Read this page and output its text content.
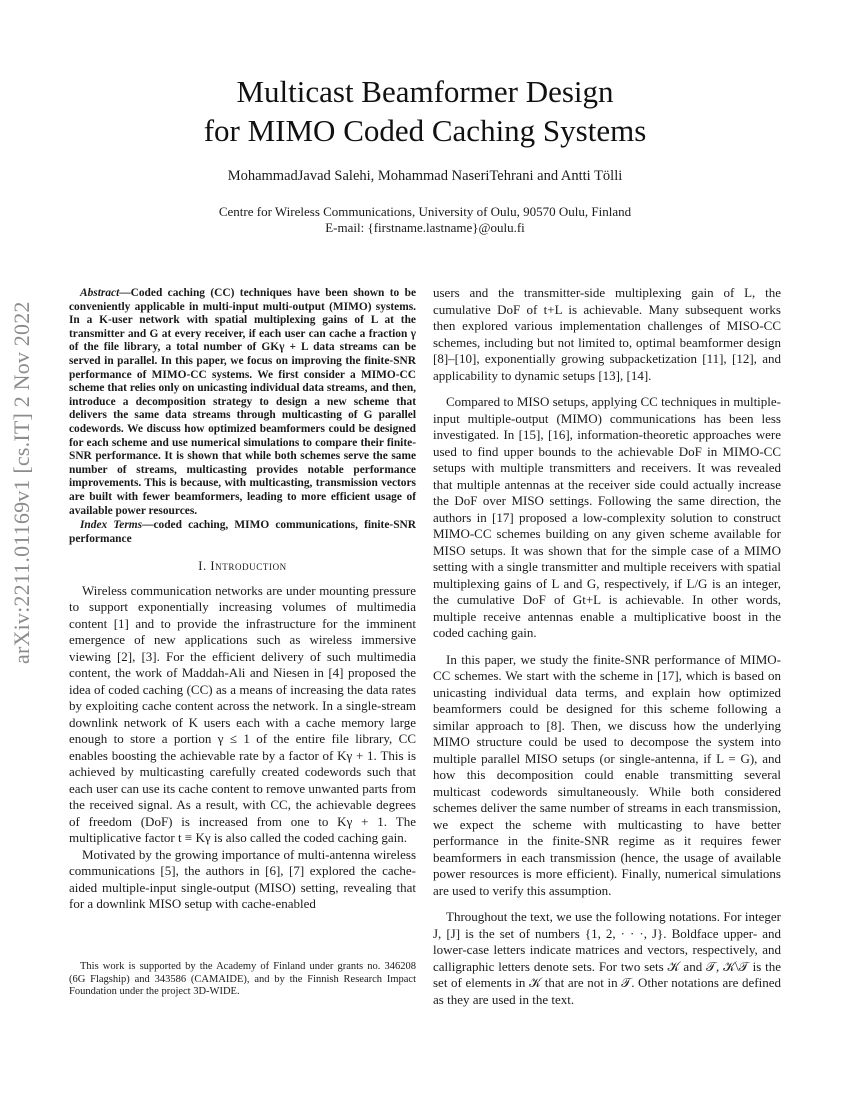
arXiv:2211.01169v1 [cs.IT] 2 Nov 2022
Multicast Beamformer Design
for MIMO Coded Caching Systems
MohammadJavad Salehi, Mohammad NaseriTehrani and Antti Tölli
Centre for Wireless Communications, University of Oulu, 90570 Oulu, Finland
E-mail: {firstname.lastname}@oulu.fi

Abstract—Coded caching (CC) techniques have been shown to be conveniently applicable in multi-input multi-output (MIMO) systems. In a K-user network with spatial multiplexing gains of L at the transmitter and G at every receiver, if each user can cache a fraction γ of the file library, a total number of GKγ + L data streams can be served in parallel. In this paper, we focus on improving the finite-SNR performance of MIMO-CC systems. We first consider a MIMO-CC scheme that relies only on unicasting individual data streams, and then, introduce a decomposition strategy to design a new scheme that delivers the same data streams through multicasting of G parallel codewords. We discuss how optimized beamformers could be designed for each scheme and use numerical simulations to compare their finite-SNR performance. It is shown that while both schemes serve the same number of streams, multicasting provides notable performance improvements. This is because, with multicasting, transmission vectors are built with fewer beamformers, leading to more efficient usage of available power resources.

Index Terms—coded caching, MIMO communications, finite-SNR performance

I. Introduction

Wireless communication networks are under mounting pressure to support exponentially increasing volumes of multimedia content [1] and to provide the infrastructure for the imminent emergence of new applications such as wireless immersive viewing [2], [3]. For the efficient delivery of such multimedia content, the work of Maddah-Ali and Niesen in [4] proposed the idea of coded caching (CC) as a means of increasing the data rates by exploiting cache content across the network. In a single-stream downlink network of K users each with a cache memory large enough to store a portion γ ≤ 1 of the entire file library, CC enables boosting the achievable rate by a factor of Kγ + 1. This is achieved by multicasting carefully created codewords such that each user can use its cache content to remove unwanted parts from the received signal. As a result, with CC, the achievable degrees of freedom (DoF) is increased from one to Kγ + 1. The multiplicative factor t ≡ Kγ is also called the coded caching gain.

Motivated by the growing importance of multi-antenna wireless communications [5], the authors in [6], [7] explored the cache-aided multiple-input single-output (MISO) setting, revealing that for a downlink MISO setup with cache-enabled

This work is supported by the Academy of Finland under grants no. 346208 (6G Flagship) and 343586 (CAMAIDE), and by the Finnish Research Impact Foundation under the project 3D-WIDE.

users and the transmitter-side multiplexing gain of L, the cumulative DoF of t+L is achievable. Many subsequent works then explored various implementation challenges of MISO-CC schemes, including but not limited to, optimal beamformer design [8]–[10], exponentially growing subpacketization [11], [12], and applicability to dynamic setups [13], [14].

Compared to MISO setups, applying CC techniques in multiple-input multiple-output (MIMO) communications has been less investigated. In [15], [16], information-theoretic approaches were used to find upper bounds to the achievable DoF in MIMO-CC setups with multiple transmitters and receivers. It was revealed that multiple antennas at the receiver side could actually increase the DoF over MISO settings. Following the same direction, the authors in [17] proposed a low-complexity solution to construct MIMO-CC schemes building on any given scheme available for MISO setups. It was shown that for the simple case of a MIMO setting with a single transmitter and multiple receivers with spatial multiplexing gains of L and G, respectively, if L/G is an integer, the cumulative DoF of Gt+L is achievable. In other words, multiple receive antennas enable a multiplicative boost in the coded caching gain.

In this paper, we study the finite-SNR performance of MIMO-CC schemes. We start with the scheme in [17], which is based on unicasting individual data terms, and explain how optimized beamformers could be designed for this scheme following a similar approach to [8]. Then, we discuss how the underlying MIMO structure could be used to decompose the system into multiple parallel MISO setups (or single-antenna, if L = G), and how this decomposition could enable transmitting several multicast codewords simultaneously. While both considered schemes deliver the same number of streams in each transmission, we expect the scheme with multicasting to have better performance in the finite-SNR regime as it requires fewer beamformers in each transmission (hence, the usage of available power resources is more efficient). Finally, numerical simulations are used to verify this assumption.

Throughout the text, we use the following notations. For integer J, [J] is the set of numbers {1, 2, · · ·, J}. Boldface upper- and lower-case letters indicate matrices and vectors, respectively, and calligraphic letters denote sets. For two sets 𝒦 and 𝒯, 𝒦\𝒯 is the set of elements in 𝒦 that are not in 𝒯. Other notations are defined as they are used in the text.
